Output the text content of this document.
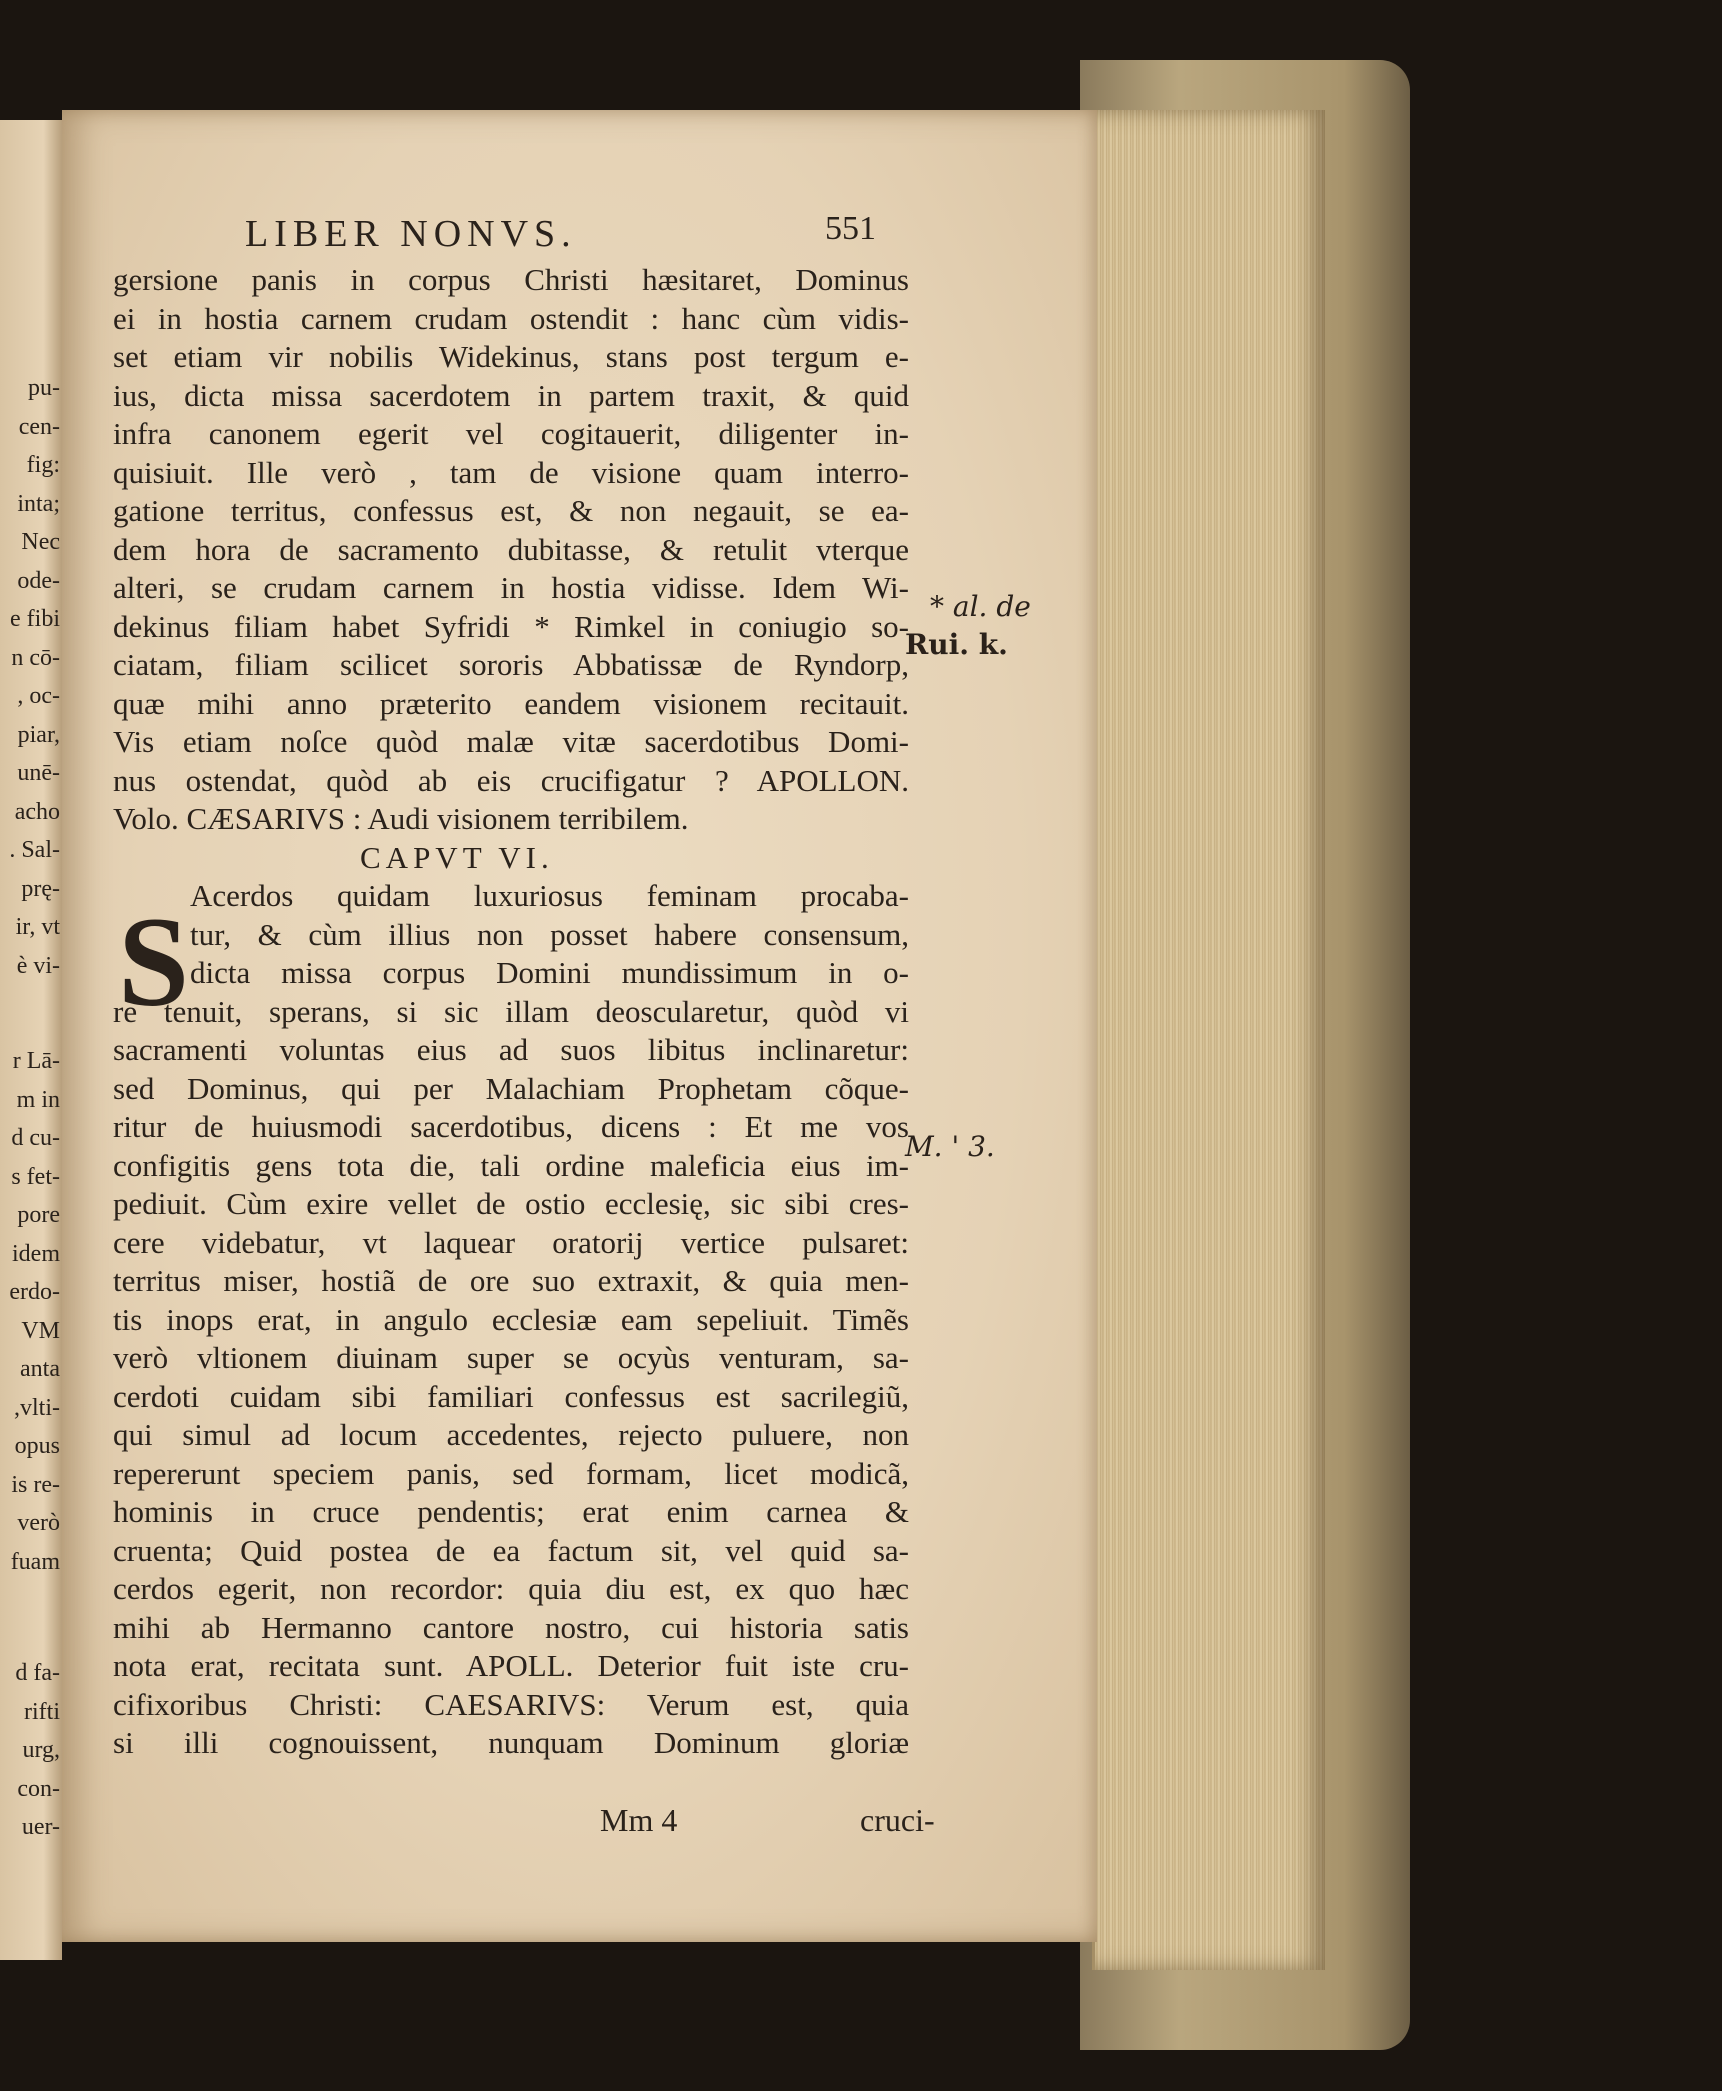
LIBER NONVS.	551
gersione panis in corpus Christi hæsitaret, Dominus
ei in hostia carnem crudam ostendit : hanc cùm vidis-
set etiam vir nobilis Widekinus, stans post tergum e-
ius, dicta missa sacerdotem in partem traxit, & quid
infra canonem egerit vel cogitauerit, diligenter in-
quisiuit. Ille verò , tam de visione quam interro-
gatione territus, confessus est, & non negauit, se ea-
dem hora de sacramento dubitasse, & retulit vterque
alteri, se crudam carnem in hostia vidisse. Idem Wi-
dekinus filiam habet Syfridi * Rimkel in coniugio so-
ciatam, filiam scilicet sororis Abbatissæ de Ryndorp,
quæ mihi anno præterito eandem visionem recitauit.
Vis etiam noſce quòd malæ vitæ sacerdotibus Domi-
nus ostendat, quòd ab eis crucifigatur ? APOLLON.
Volo. CÆSARIVS : Audi visionem terribilem.
Acerdos quidam luxuriosus feminam procaba-
tur, & cùm illius non posset habere consensum,
dicta missa corpus Domini mundissimum in o-
re tenuit, sperans, si sic illam deoscularetur, quòd vi
sacramenti voluntas eius ad suos libitus inclinaretur:
sed Dominus, qui per Malachiam Prophetam cõque-
ritur de huiusmodi sacerdotibus, dicens : Et me vos
configitis gens tota die, tali ordine maleficia eius im-
pediuit. Cùm exire vellet de ostio ecclesię, sic sibi cres-
cere videbatur, vt laquear oratorij vertice pulsaret:
territus miser, hostiã de ore suo extraxit, & quia men-
tis inops erat, in angulo ecclesiæ eam sepeliuit. Timẽs
verò vltionem diuinam super se ocyùs venturam, sa-
cerdoti cuidam sibi familiari confessus est sacrilegiũ,
qui simul ad locum accedentes, rejecto puluere, non
repererunt speciem panis, sed formam, licet modicã,
hominis in cruce pendentis; erat enim carnea &
cruenta; Quid postea de ea factum sit, vel quid sa-
cerdos egerit, non recordor: quia diu est, ex quo hæc
mihi ab Hermanno cantore nostro, cui historia satis
nota erat, recitata sunt. APOLL. Deterior fuit iste cru-
cifixoribus Christi: CAESARIVS: Verum est, quia
si illi cognouissent, nunquam Dominum gloriæ
CAPVT VI.
S
Mm 4	cruci-
* al. de
Rui. k.
M. ' 3.
pu-
cen-
fig:
inta;
Nec
ode-
e fibi
n cō-
, oc-
piar,
unē-
acho
. Sal-
prę-
ir, vt
è vi-
r Lā-
m in
d cu-
s fet-
pore
idem
erdo-
VM
anta
,vlti-
opus
is re-
verò
fuam
d fa-
rifti
urg,
con-
uer-
